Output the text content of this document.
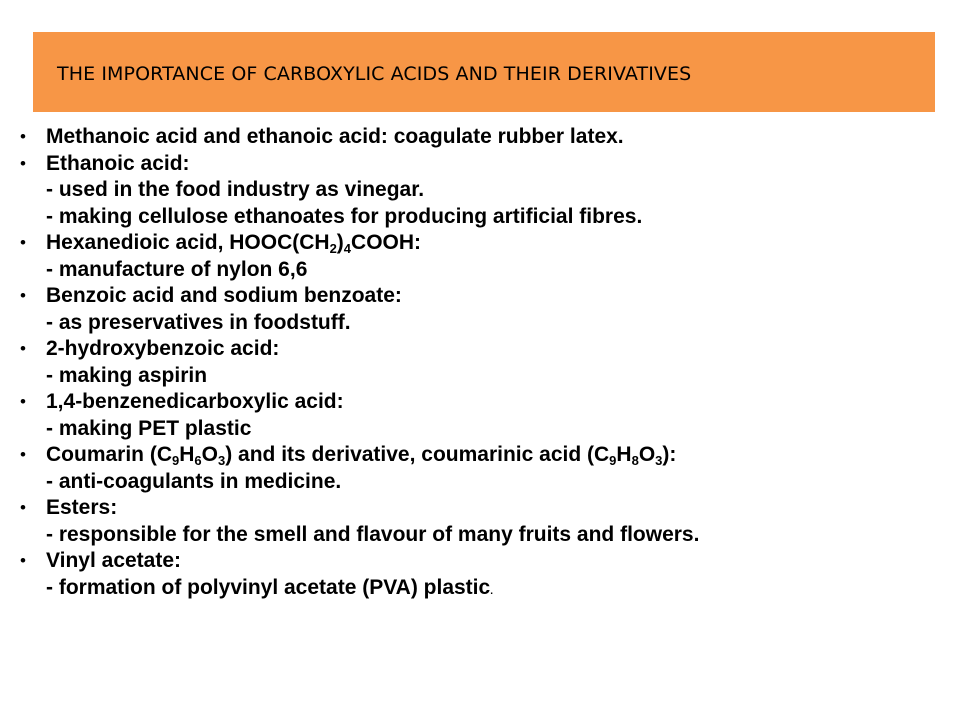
THE IMPORTANCE OF CARBOXYLIC ACIDS AND THEIR DERIVATIVES
• Methanoic acid and ethanoic acid: coagulate rubber latex.
• Ethanoic acid:
- used in the food industry as vinegar.
- making cellulose ethanoates for producing artificial fibres.
• Hexanedioic acid, $HOOC(CH_2)_4COOH$:
- manufacture of nylon 6,6
• Benzoic acid and sodium benzoate:
- as preservatives in foodstuff.
• 2-hydroxybenzoic acid:
- making aspirin
• 1,4-benzenedicarboxylic acid:
- making PET plastic
• Coumarin $(C_9H_6O_3)$ and its derivative, coumarinic acid $(C_9H_8O_3)$:
- anti-coagulants in medicine.
• Esters:
- responsible for the smell and flavour of many fruits and flowers.
• Vinyl acetate:
- formation of polyvinyl acetate (PVA) plastic.
